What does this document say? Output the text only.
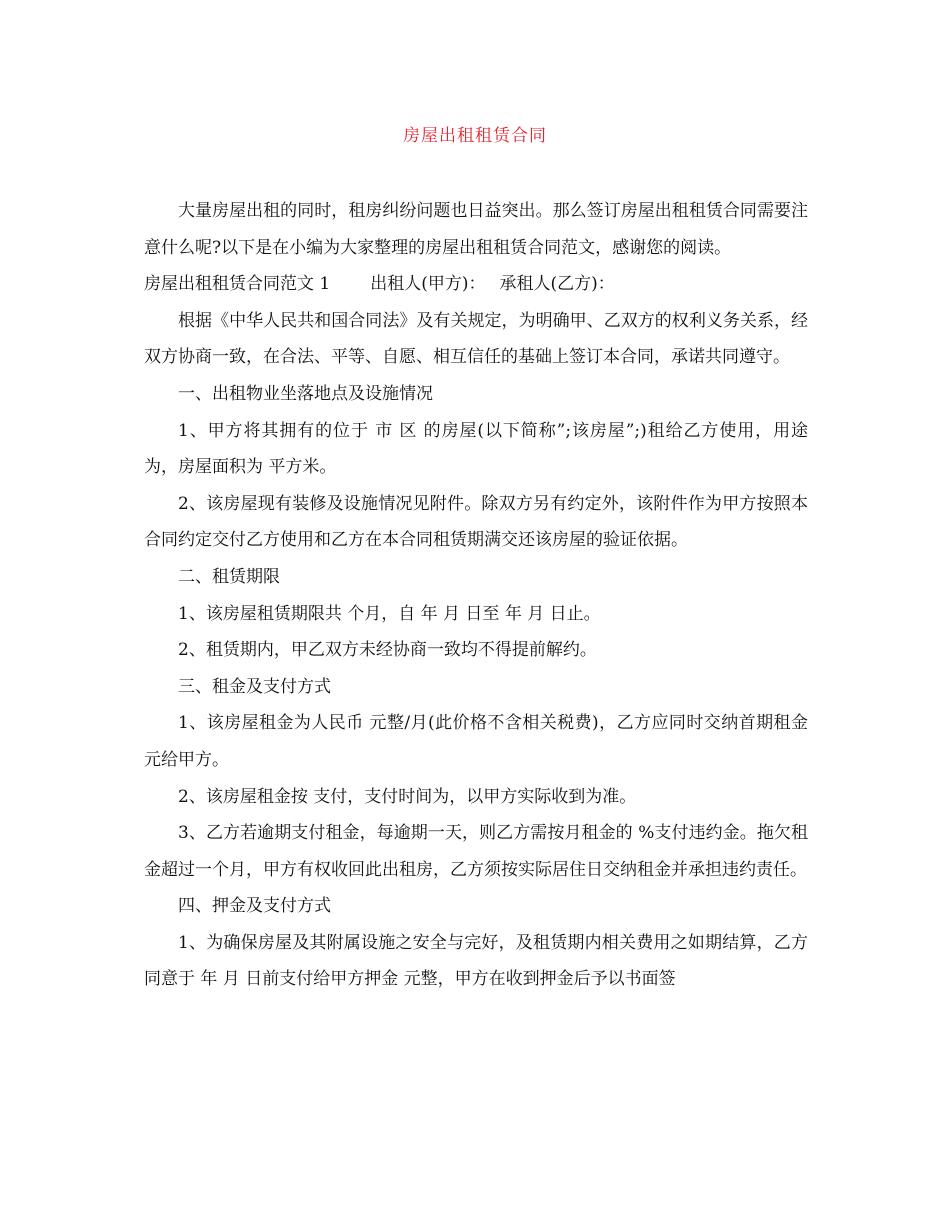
房屋出租租赁合同

大量房屋出租的同时，租房纠纷问题也日益突出。那么签订房屋出租租赁合同需要注意什么呢?以下是在小编为大家整理的房屋出租租赁合同范文，感谢您的阅读。

房屋出租租赁合同范文 1 出租人(甲方)： 承租人(乙方)：

根据《中华人民共和国合同法》及有关规定，为明确甲、乙双方的权利义务关系，经双方协商一致，在合法、平等、自愿、相互信任的基础上签订本合同，承诺共同遵守。

一、出租物业坐落地点及设施情况

1、甲方将其拥有的位于 市 区 的房屋(以下简称”;该房屋”;)租给乙方使用，用途为，房屋面积为 平方米。

2、该房屋现有装修及设施情况见附件。除双方另有约定外，该附件作为甲方按照本合同约定交付乙方使用和乙方在本合同租赁期满交还该房屋的验证依据。

二、租赁期限

1、该房屋租赁期限共 个月，自 年 月 日至 年 月 日止。

2、租赁期内，甲乙双方未经协商一致均不得提前解约。

三、租金及支付方式

1、该房屋租金为人民币 元整/月(此价格不含相关税费)，乙方应同时交纳首期租金 元给甲方。

2、该房屋租金按 支付，支付时间为，以甲方实际收到为准。

3、乙方若逾期支付租金，每逾期一天，则乙方需按月租金的 %支付违约金。拖欠租金超过一个月，甲方有权收回此出租房，乙方须按实际居住日交纳租金并承担违约责任。

四、押金及支付方式

1、为确保房屋及其附属设施之安全与完好，及租赁期内相关费用之如期结算，乙方同意于 年 月 日前支付给甲方押金 元整，甲方在收到押金后予以书面签
